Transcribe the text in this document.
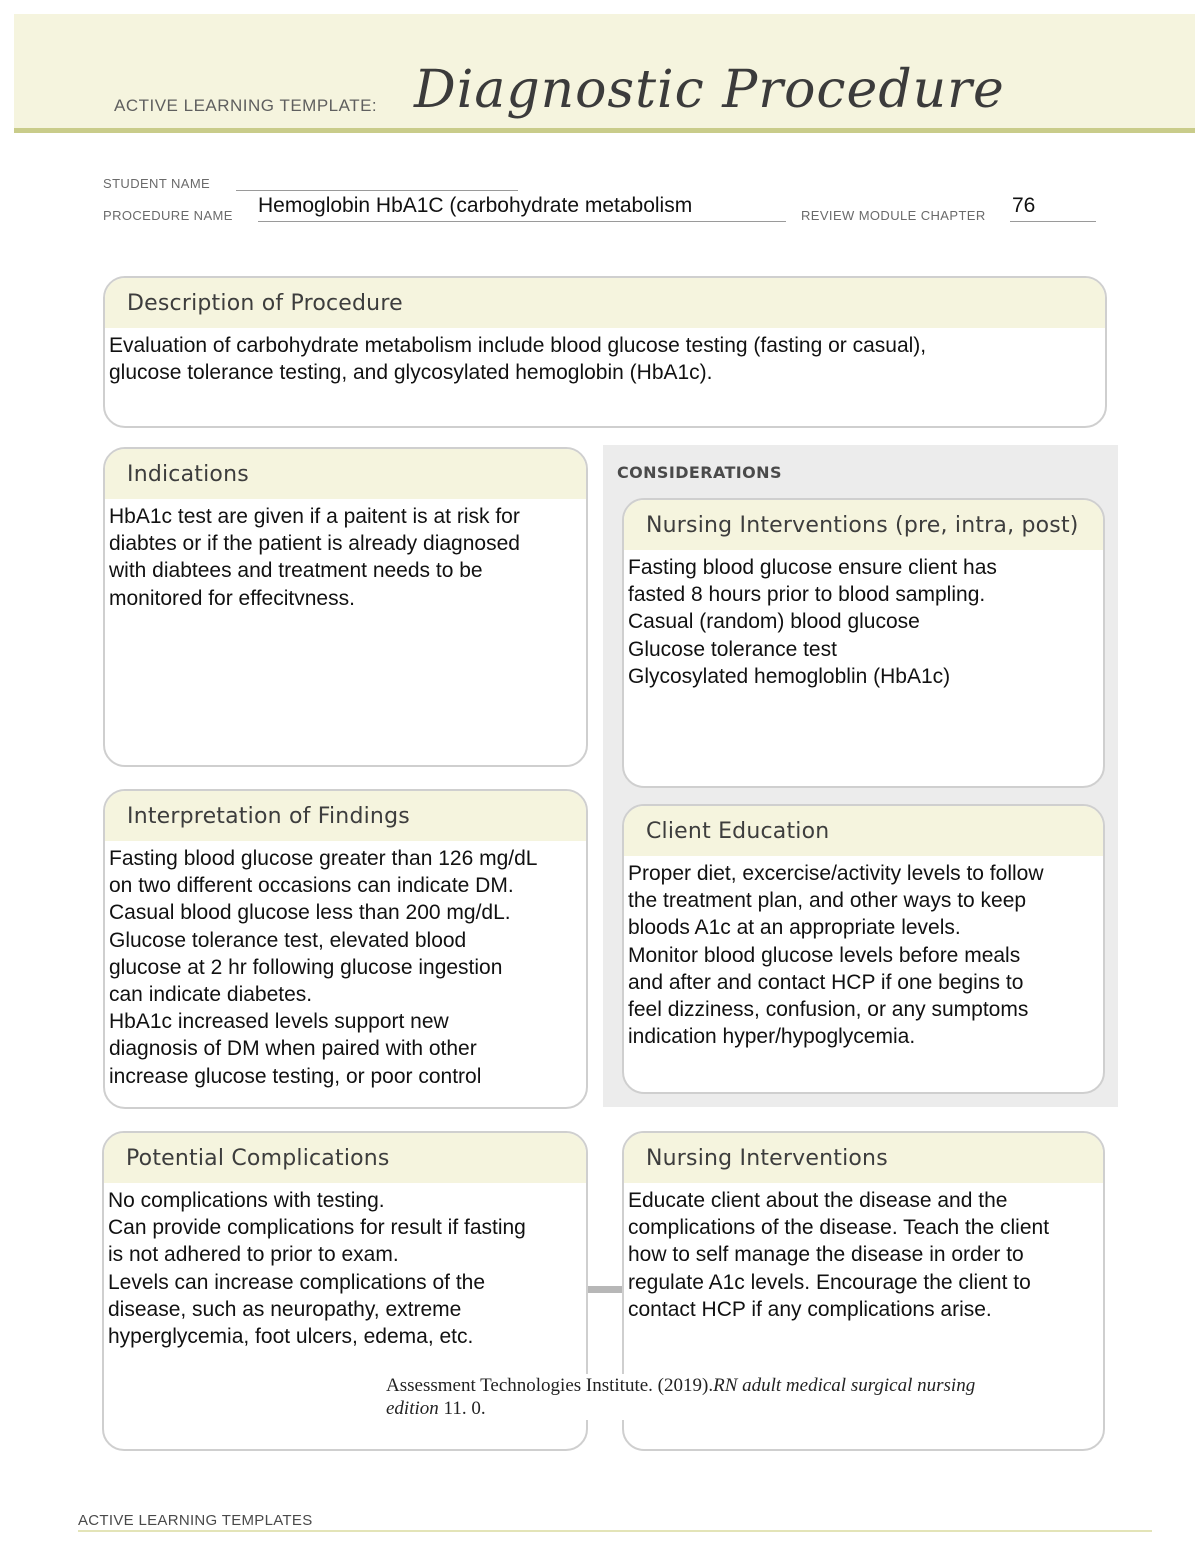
ACTIVE LEARNING TEMPLATE: Diagnostic Procedure
STUDENT NAME
PROCEDURE NAME Hemoglobin HbA1C (carbohydrate metabolism	REVIEW MODULE CHAPTER 76
Description of Procedure
Evaluation of carbohydrate metabolism include blood glucose testing (fasting or casual),
glucose tolerance testing, and glycosylated hemoglobin (HbA1c).
CONSIDERATIONS
Indications
HbA1c test are given if a paitent is at risk for
diabtes or if the patient is already diagnosed
with diabtees and treatment needs to be
monitored for effecitvness.
Nursing Interventions (pre, intra, post)
Fasting blood glucose ensure client has
fasted 8 hours prior to blood sampling.
Casual (random) blood glucose
Glucose tolerance test
Glycosylated hemogloblin (HbA1c)
Interpretation of Findings
Fasting blood glucose greater than 126 mg/dL
on two different occasions can indicate DM.
Casual blood glucose less than 200 mg/dL.
Glucose tolerance test, elevated blood
glucose at 2 hr following glucose ingestion
can indicate diabetes.
HbA1c increased levels support new
diagnosis of DM when paired with other
increase glucose testing, or poor control
Client Education
Proper diet, excercise/activity levels to follow
the treatment plan, and other ways to keep
bloods A1c at an appropriate levels.
Monitor blood glucose levels before meals
and after and contact HCP if one begins to
feel dizziness, confusion, or any sumptoms
indication hyper/hypoglycemia.
Potential Complications
No complications with testing.
Can provide complications for result if fasting
is not adhered to prior to exam.
Levels can increase complications of the
disease, such as neuropathy, extreme
hyperglycemia, foot ulcers, edema, etc.
Nursing Interventions
Educate client about the disease and the
complications of the disease. Teach the client
how to self manage the disease in order to
regulate A1c levels. Encourage the client to
contact HCP if any complications arise.
Assessment Technologies Institute. (2019).RN adult medical surgical nursing edition 11. 0.
ACTIVE LEARNING TEMPLATES
